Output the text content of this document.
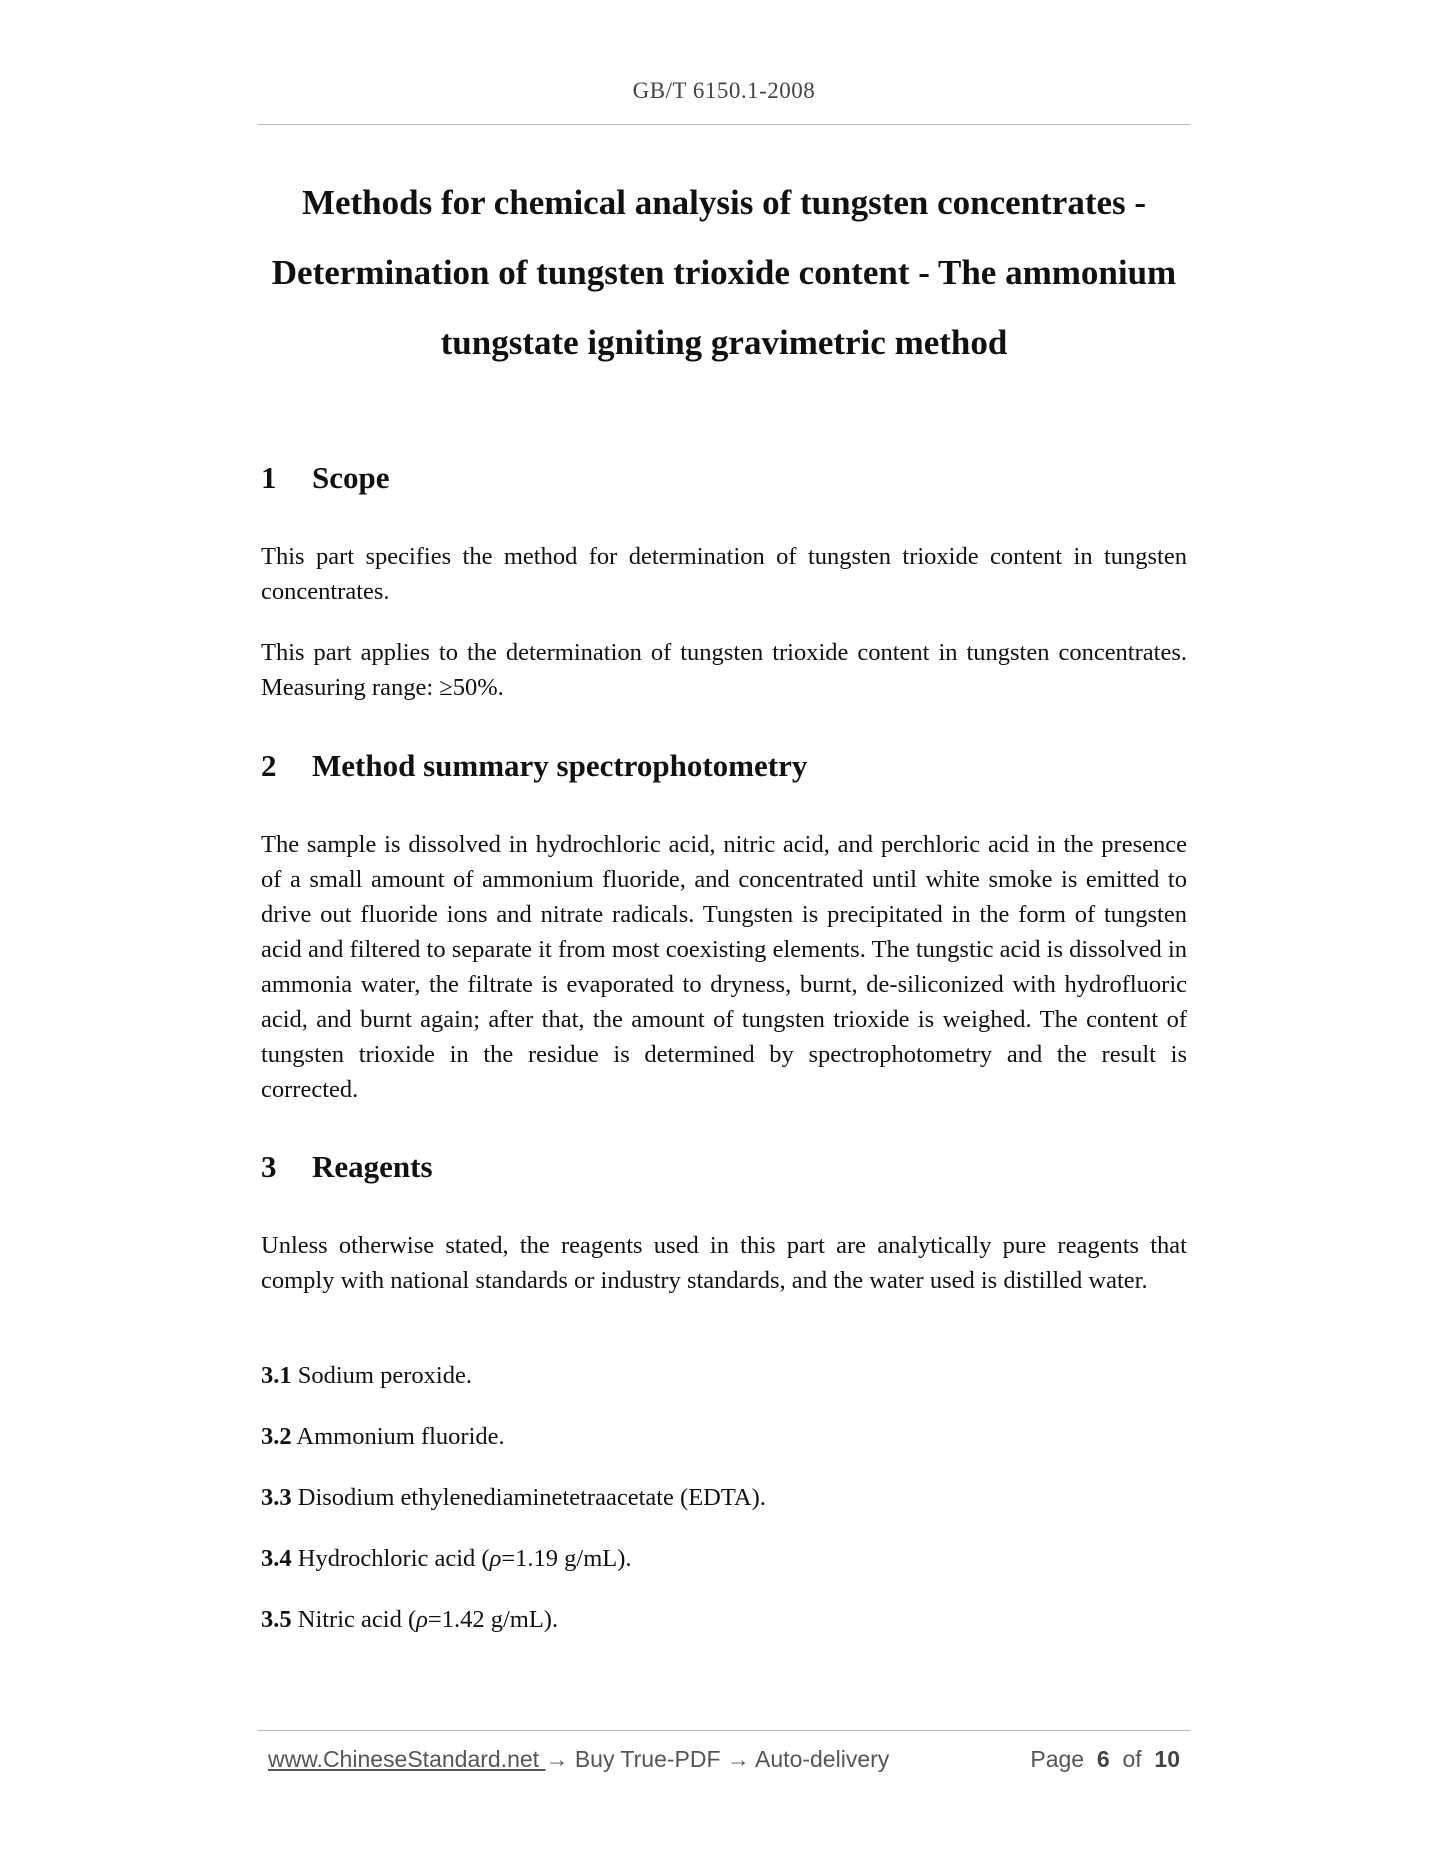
GB/T 6150.1-2008
Methods for chemical analysis of tungsten concentrates -
Determination of tungsten trioxide content - The ammonium
tungstate igniting gravimetric method
1 Scope

This part specifies the method for determination of tungsten trioxide content in tungsten concentrates.

This part applies to the determination of tungsten trioxide content in tungsten concentrates. Measuring range: ≥50%.

2 Method summary spectrophotometry

The sample is dissolved in hydrochloric acid, nitric acid, and perchloric acid in the presence of a small amount of ammonium fluoride, and concentrated until white smoke is emitted to drive out fluoride ions and nitrate radicals. Tungsten is precipitated in the form of tungsten acid and filtered to separate it from most coexisting elements. The tungstic acid is dissolved in ammonia water, the filtrate is evaporated to dryness, burnt, de-siliconized with hydrofluoric acid, and burnt again; after that, the amount of tungsten trioxide is weighed. The content of tungsten trioxide in the residue is determined by spectrophotometry and the result is corrected.

3 Reagents

Unless otherwise stated, the reagents used in this part are analytically pure reagents that comply with national standards or industry standards, and the water used is distilled water.

3.1 Sodium peroxide.

3.2 Ammonium fluoride.

3.3 Disodium ethylenediaminetetraacetate (EDTA).

3.4 Hydrochloric acid (ρ=1.19 g/mL).

3.5 Nitric acid (ρ=1.42 g/mL).

www.ChineseStandard.net → Buy True-PDF → Auto-delivery	Page 6 of 10
